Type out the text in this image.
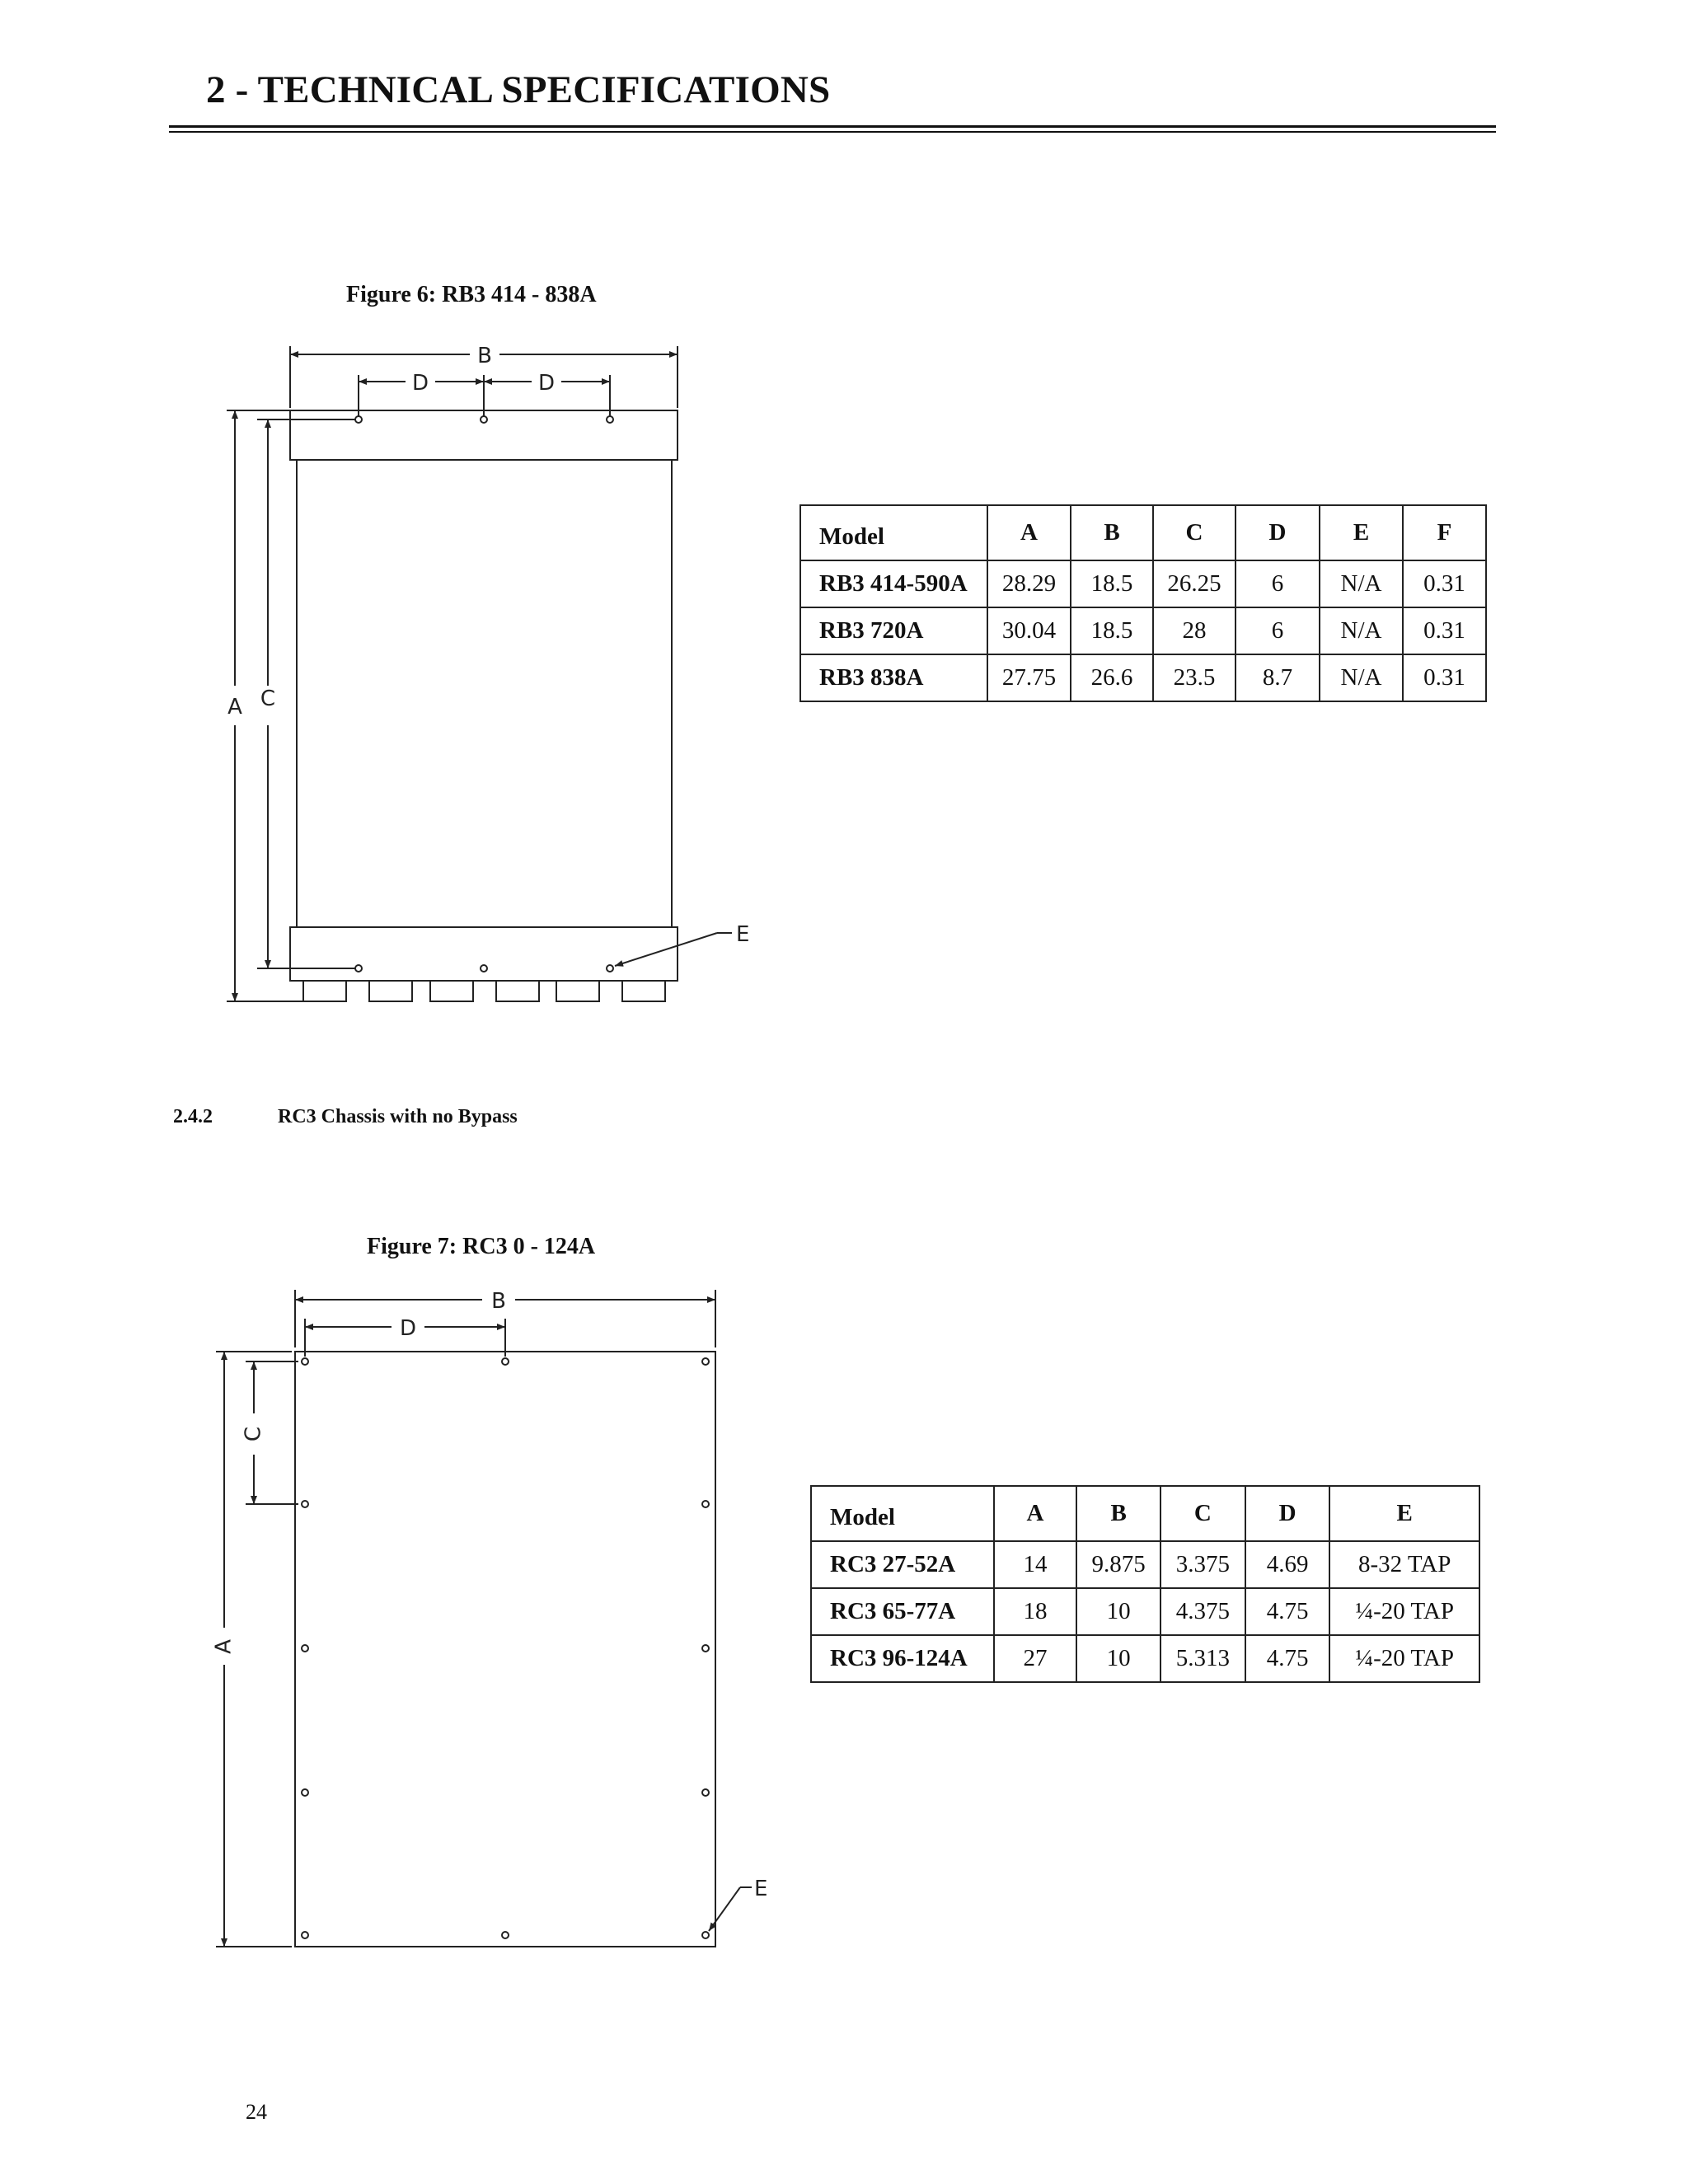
2 - TECHNICAL SPECIFICATIONS
Figure 6: RB3 414 - 838A
B
D	D
A C
E
Model	A	B	C	D	E	F
RB3 414-590A	28.29	18.5	26.25	6	N/A	0.31
RB3 720A	30.04	18.5	28	6	N/A	0.31
RB3 838A	27.75	26.6	23.5	8.7	N/A	0.31
2.4.2	RC3 Chassis with no Bypass
Figure 7: RC3 0 - 124A
B
D
A
C
E
Model	A	B	C	D	E
RC3 27-52A	14	9.875	3.375	4.69	8-32 TAP
RC3 65-77A	18	10	4.375	4.75	¼-20 TAP
RC3 96-124A	27	10	5.313	4.75	¼-20 TAP
24
